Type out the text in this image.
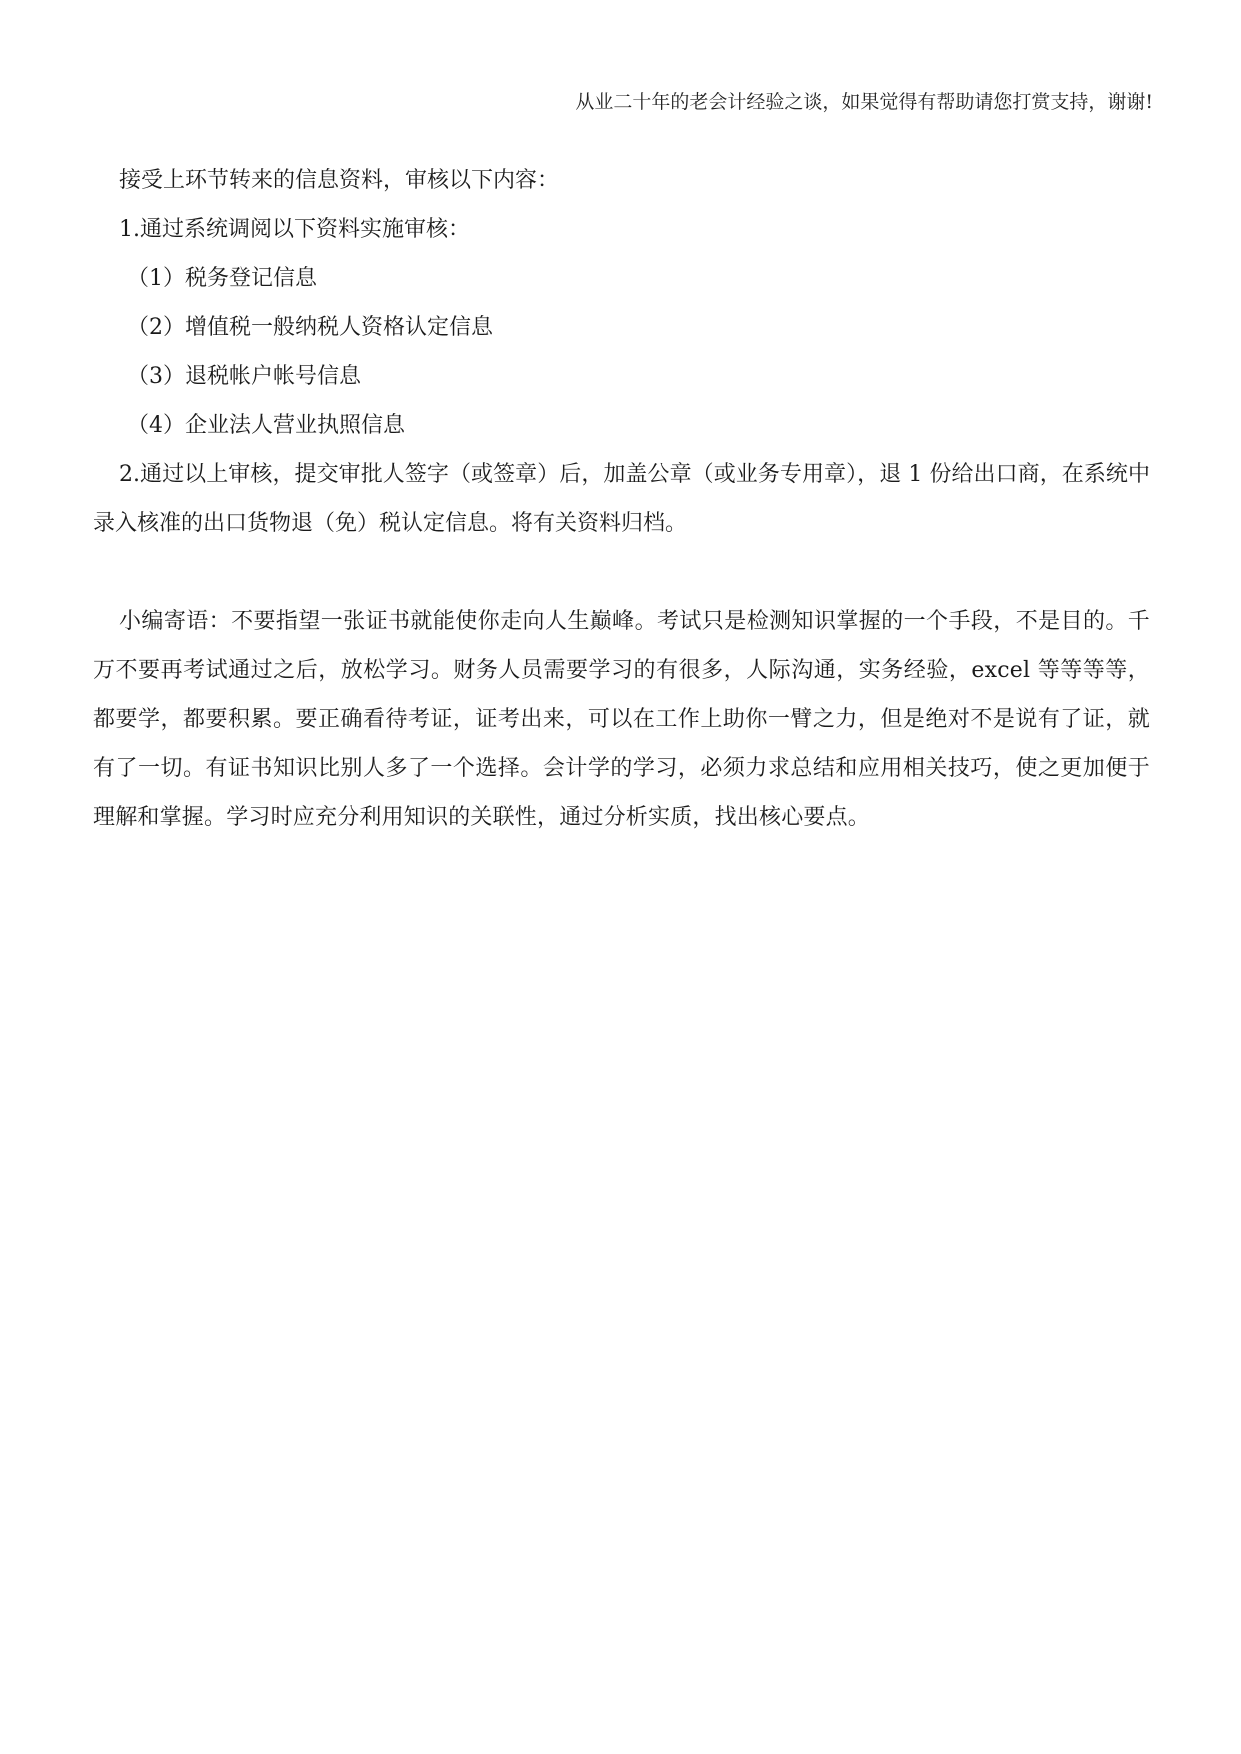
从业二十年的老会计经验之谈，如果觉得有帮助请您打赏支持，谢谢!
接受上环节转来的信息资料，审核以下内容：
1.通过系统调阅以下资料实施审核：
（1）税务登记信息
（2）增值税一般纳税人资格认定信息
（3）退税帐户帐号信息
（4）企业法人营业执照信息
2.通过以上审核，提交审批人签字（或签章）后，加盖公章（或业务专用章），退 1 份给出口商，在系统中录入核准的出口货物退（免）税认定信息。将有关资料归档。
小编寄语：不要指望一张证书就能使你走向人生巅峰。考试只是检测知识掌握的一个手段，不是目的。千万不要再考试通过之后，放松学习。财务人员需要学习的有很多，人际沟通，实务经验，excel 等等等等，都要学，都要积累。要正确看待考证，证考出来，可以在工作上助你一臂之力，但是绝对不是说有了证，就有了一切。有证书知识比别人多了一个选择。会计学的学习，必须力求总结和应用相关技巧，使之更加便于理解和掌握。学习时应充分利用知识的关联性，通过分析实质，找出核心要点。
